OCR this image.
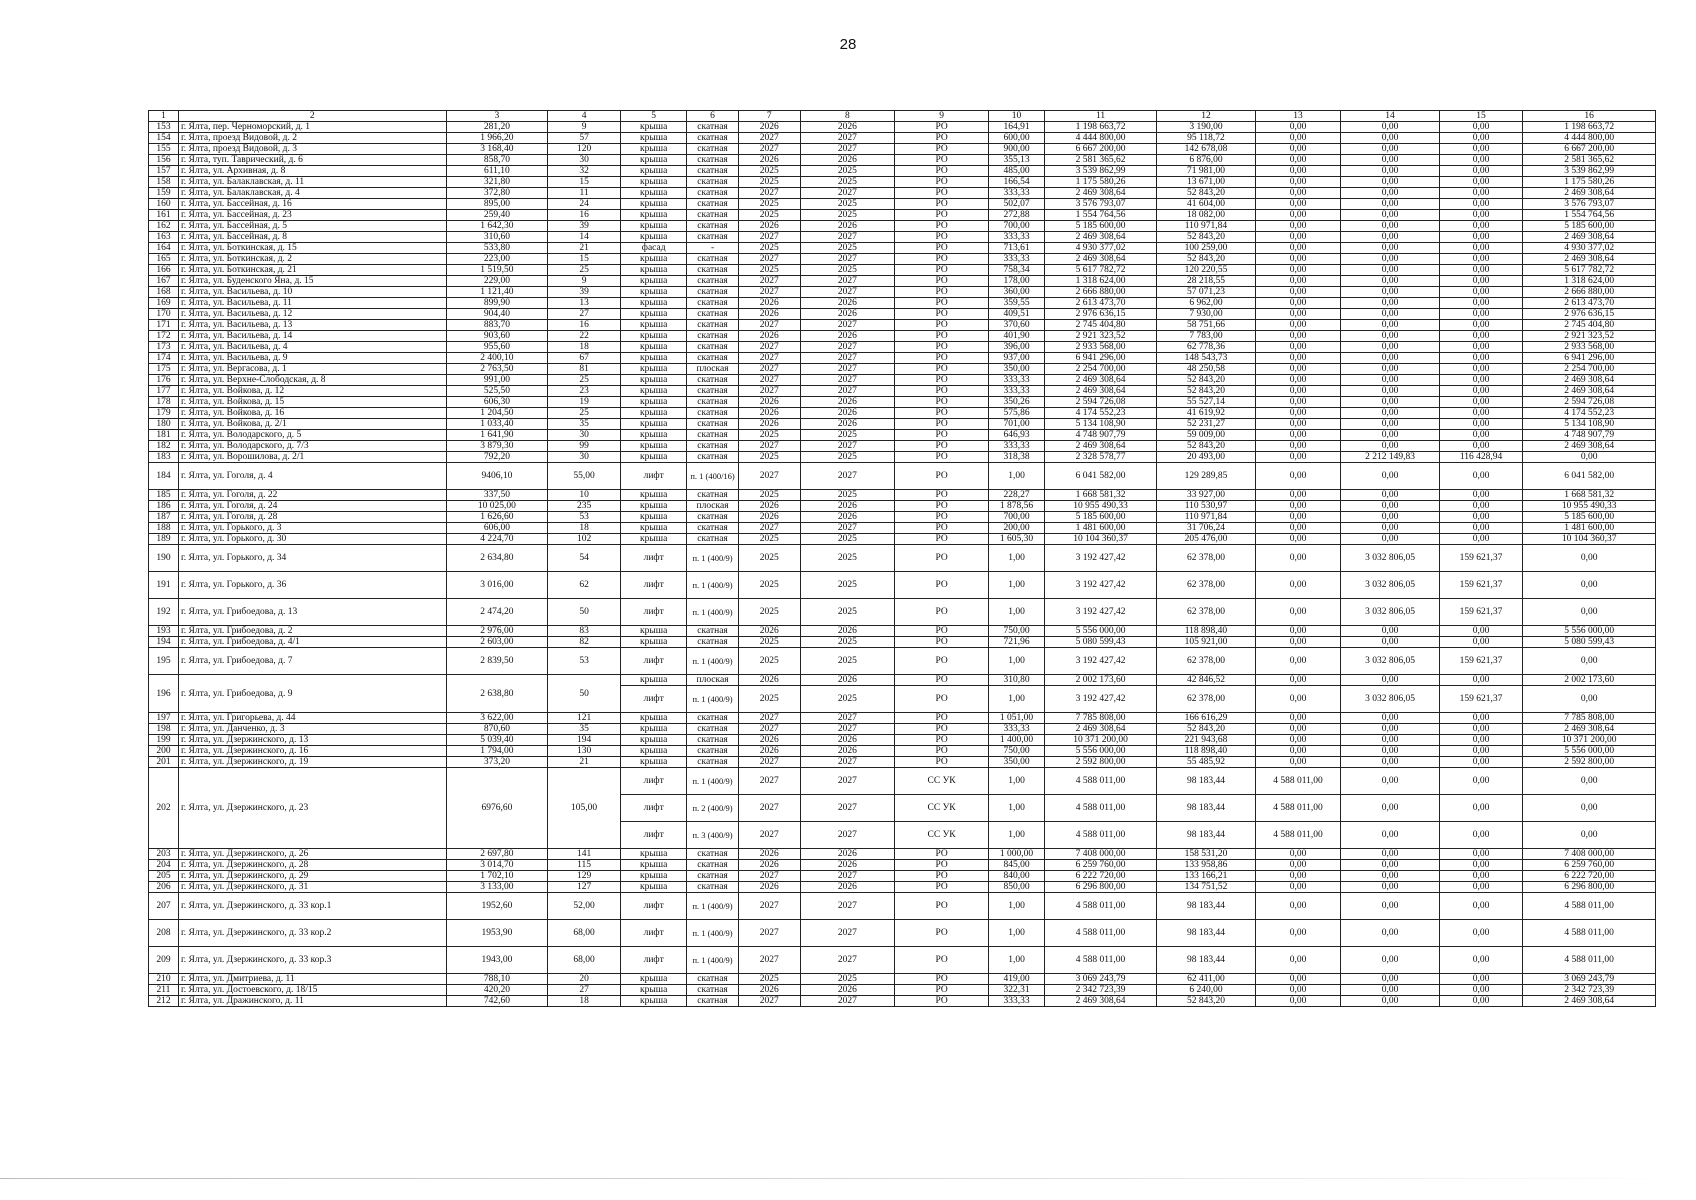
28
1	2	3	4	5	6	7	8	9	10	11	12	13	14	15	16
153	г. Ялта, пер. Черноморский, д. 1	281,20	9	крыша	скатная	2026	2026	РО	164,91	1 198 663,72	3 190,00	0,00	0,00	0,00	1 198 663,72
154	г. Ялта, проезд Видовой, д. 2	1 966,20	57	крыша	скатная	2027	2027	РО	600,00	4 444 800,00	95 118,72	0,00	0,00	0,00	4 444 800,00
155	г. Ялта, проезд Видовой, д. 3	3 168,40	120	крыша	скатная	2027	2027	РО	900,00	6 667 200,00	142 678,08	0,00	0,00	0,00	6 667 200,00
156	г. Ялта, туп. Таврический, д. 6	858,70	30	крыша	скатная	2026	2026	РО	355,13	2 581 365,62	6 876,00	0,00	0,00	0,00	2 581 365,62
157	г. Ялта, ул. Архивная, д. 8	611,10	32	крыша	скатная	2025	2025	РО	485,00	3 539 862,99	71 981,00	0,00	0,00	0,00	3 539 862,99
158	г. Ялта, ул. Балаклавская, д. 11	321,80	15	крыша	скатная	2025	2025	РО	166,54	1 175 580,26	13 671,00	0,00	0,00	0,00	1 175 580,26
159	г. Ялта, ул. Балаклавская, д. 4	372,80	11	крыша	скатная	2027	2027	РО	333,33	2 469 308,64	52 843,20	0,00	0,00	0,00	2 469 308,64
160	г. Ялта, ул. Бассейная, д. 16	895,00	24	крыша	скатная	2025	2025	РО	502,07	3 576 793,07	41 604,00	0,00	0,00	0,00	3 576 793,07
161	г. Ялта, ул. Бассейная, д. 23	259,40	16	крыша	скатная	2025	2025	РО	272,88	1 554 764,56	18 082,00	0,00	0,00	0,00	1 554 764,56
162	г. Ялта, ул. Бассейная, д. 5	1 642,30	39	крыша	скатная	2026	2026	РО	700,00	5 185 600,00	110 971,84	0,00	0,00	0,00	5 185 600,00
163	г. Ялта, ул. Бассейная, д. 8	310,60	14	крыша	скатная	2027	2027	РО	333,33	2 469 308,64	52 843,20	0,00	0,00	0,00	2 469 308,64
164	г. Ялта, ул. Боткинская, д. 15	533,80	21	фасад	-	2025	2025	РО	713,61	4 930 377,02	100 259,00	0,00	0,00	0,00	4 930 377,02
165	г. Ялта, ул. Боткинская, д. 2	223,00	15	крыша	скатная	2027	2027	РО	333,33	2 469 308,64	52 843,20	0,00	0,00	0,00	2 469 308,64
166	г. Ялта, ул. Боткинская, д. 21	1 519,50	25	крыша	скатная	2025	2025	РО	758,34	5 617 782,72	120 220,55	0,00	0,00	0,00	5 617 782,72
167	г. Ялта, ул. Буденского Яна, д. 15	229,00	9	крыша	скатная	2027	2027	РО	178,00	1 318 624,00	28 218,55	0,00	0,00	0,00	1 318 624,00
168	г. Ялта, ул. Васильева, д. 10	1 121,40	39	крыша	скатная	2027	2027	РО	360,00	2 666 880,00	57 071,23	0,00	0,00	0,00	2 666 880,00
169	г. Ялта, ул. Васильева, д. 11	899,90	13	крыша	скатная	2026	2026	РО	359,55	2 613 473,70	6 962,00	0,00	0,00	0,00	2 613 473,70
170	г. Ялта, ул. Васильева, д. 12	904,40	27	крыша	скатная	2026	2026	РО	409,51	2 976 636,15	7 930,00	0,00	0,00	0,00	2 976 636,15
171	г. Ялта, ул. Васильева, д. 13	883,70	16	крыша	скатная	2027	2027	РО	370,60	2 745 404,80	58 751,66	0,00	0,00	0,00	2 745 404,80
172	г. Ялта, ул. Васильева, д. 14	903,60	22	крыша	скатная	2026	2026	РО	401,90	2 921 323,52	7 783,00	0,00	0,00	0,00	2 921 323,52
173	г. Ялта, ул. Васильева, д. 4	955,60	18	крыша	скатная	2027	2027	РО	396,00	2 933 568,00	62 778,36	0,00	0,00	0,00	2 933 568,00
174	г. Ялта, ул. Васильева, д. 9	2 400,10	67	крыша	скатная	2027	2027	РО	937,00	6 941 296,00	148 543,73	0,00	0,00	0,00	6 941 296,00
175	г. Ялта, ул. Вергасова, д. 1	2 763,50	81	крыша	плоская	2027	2027	РО	350,00	2 254 700,00	48 250,58	0,00	0,00	0,00	2 254 700,00
176	г. Ялта, ул. Верхне-Слободская, д. 8	991,00	25	крыша	скатная	2027	2027	РО	333,33	2 469 308,64	52 843,20	0,00	0,00	0,00	2 469 308,64
177	г. Ялта, ул. Войкова, д. 12	525,50	23	крыша	скатная	2027	2027	РО	333,33	2 469 308,64	52 843,20	0,00	0,00	0,00	2 469 308,64
178	г. Ялта, ул. Войкова, д. 15	606,30	19	крыша	скатная	2026	2026	РО	350,26	2 594 726,08	55 527,14	0,00	0,00	0,00	2 594 726,08
179	г. Ялта, ул. Войкова, д. 16	1 204,50	25	крыша	скатная	2026	2026	РО	575,86	4 174 552,23	41 619,92	0,00	0,00	0,00	4 174 552,23
180	г. Ялта, ул. Войкова, д. 2/1	1 033,40	35	крыша	скатная	2026	2026	РО	701,00	5 134 108,90	52 231,27	0,00	0,00	0,00	5 134 108,90
181	г. Ялта, ул. Володарского, д. 5	1 641,90	30	крыша	скатная	2025	2025	РО	646,93	4 748 907,79	59 009,00	0,00	0,00	0,00	4 748 907,79
182	г. Ялта, ул. Володарского, д. 7/3	3 879,30	99	крыша	скатная	2027	2027	РО	333,33	2 469 308,64	52 843,20	0,00	0,00	0,00	2 469 308,64
183	г. Ялта, ул. Ворошилова, д. 2/1	792,20	30	крыша	скатная	2025	2025	РО	318,38	2 328 578,77	20 493,00	0,00	2 212 149,83	116 428,94	0,00
184	г. Ялта, ул. Гоголя, д. 4	9406,10	55,00	лифт	п. 1 (400/16)	2027	2027	РО	1,00	6 041 582,00	129 289,85	0,00	0,00	0,00	6 041 582,00
185	г. Ялта, ул. Гоголя, д. 22	337,50	10	крыша	скатная	2025	2025	РО	228,27	1 668 581,32	33 927,00	0,00	0,00	0,00	1 668 581,32
186	г. Ялта, ул. Гоголя, д. 24	10 025,00	235	крыша	плоская	2026	2026	РО	1 878,56	10 955 490,33	110 530,97	0,00	0,00	0,00	10 955 490,33
187	г. Ялта, ул. Гоголя, д. 28	1 626,60	53	крыша	скатная	2026	2026	РО	700,00	5 185 600,00	110 971,84	0,00	0,00	0,00	5 185 600,00
188	г. Ялта, ул. Горького, д. 3	606,00	18	крыша	скатная	2027	2027	РО	200,00	1 481 600,00	31 706,24	0,00	0,00	0,00	1 481 600,00
189	г. Ялта, ул. Горького, д. 30	4 224,70	102	крыша	скатная	2025	2025	РО	1 605,30	10 104 360,37	205 476,00	0,00	0,00	0,00	10 104 360,37
190	г. Ялта, ул. Горького, д. 34	2 634,80	54	лифт	п. 1 (400/9)	2025	2025	РО	1,00	3 192 427,42	62 378,00	0,00	3 032 806,05	159 621,37	0,00
191	г. Ялта, ул. Горького, д. 36	3 016,00	62	лифт	п. 1 (400/9)	2025	2025	РО	1,00	3 192 427,42	62 378,00	0,00	3 032 806,05	159 621,37	0,00
192	г. Ялта, ул. Грибоедова, д. 13	2 474,20	50	лифт	п. 1 (400/9)	2025	2025	РО	1,00	3 192 427,42	62 378,00	0,00	3 032 806,05	159 621,37	0,00
193	г. Ялта, ул. Грибоедова, д. 2	2 976,00	83	крыша	скатная	2026	2026	РО	750,00	5 556 000,00	118 898,40	0,00	0,00	0,00	5 556 000,00
194	г. Ялта, ул. Грибоедова, д. 4/1	2 603,00	82	крыша	скатная	2025	2025	РО	721,96	5 080 599,43	105 921,00	0,00	0,00	0,00	5 080 599,43
195	г. Ялта, ул. Грибоедова, д. 7	2 839,50	53	лифт	п. 1 (400/9)	2025	2025	РО	1,00	3 192 427,42	62 378,00	0,00	3 032 806,05	159 621,37	0,00
196	г. Ялта, ул. Грибоедова, д. 9	2 638,80	50	крыша	плоская	2026	2026	РО	310,80	2 002 173,60	42 846,52	0,00	0,00	0,00	2 002 173,60
				лифт	п. 1 (400/9)	2025	2025	РО	1,00	3 192 427,42	62 378,00	0,00	3 032 806,05	159 621,37	0,00
197	г. Ялта, ул. Григорьева, д. 44	3 622,00	121	крыша	скатная	2027	2027	РО	1 051,00	7 785 808,00	166 616,29	0,00	0,00	0,00	7 785 808,00
198	г. Ялта, ул. Данченко, д. 3	870,60	35	крыша	скатная	2027	2027	РО	333,33	2 469 308,64	52 843,20	0,00	0,00	0,00	2 469 308,64
199	г. Ялта, ул. Дзержинского, д. 13	5 039,40	194	крыша	скатная	2026	2026	РО	1 400,00	10 371 200,00	221 943,68	0,00	0,00	0,00	10 371 200,00
200	г. Ялта, ул. Дзержинского, д. 16	1 794,00	130	крыша	скатная	2026	2026	РО	750,00	5 556 000,00	118 898,40	0,00	0,00	0,00	5 556 000,00
201	г. Ялта, ул. Дзержинского, д. 19	373,20	21	крыша	скатная	2027	2027	РО	350,00	2 592 800,00	55 485,92	0,00	0,00	0,00	2 592 800,00
202	г. Ялта, ул. Дзержинского, д. 23	6976,60	105,00	лифт	п. 1 (400/9)	2027	2027	СС УК	1,00	4 588 011,00	98 183,44	4 588 011,00	0,00	0,00	0,00
				лифт	п. 2 (400/9)	2027	2027	СС УК	1,00	4 588 011,00	98 183,44	4 588 011,00	0,00	0,00	0,00
				лифт	п. 3 (400/9)	2027	2027	СС УК	1,00	4 588 011,00	98 183,44	4 588 011,00	0,00	0,00	0,00
203	г. Ялта, ул. Дзержинского, д. 26	2 697,80	141	крыша	скатная	2026	2026	РО	1 000,00	7 408 000,00	158 531,20	0,00	0,00	0,00	7 408 000,00
204	г. Ялта, ул. Дзержинского, д. 28	3 014,70	115	крыша	скатная	2026	2026	РО	845,00	6 259 760,00	133 958,86	0,00	0,00	0,00	6 259 760,00
205	г. Ялта, ул. Дзержинского, д. 29	1 702,10	129	крыша	скатная	2027	2027	РО	840,00	6 222 720,00	133 166,21	0,00	0,00	0,00	6 222 720,00
206	г. Ялта, ул. Дзержинского, д. 31	3 133,00	127	крыша	скатная	2026	2026	РО	850,00	6 296 800,00	134 751,52	0,00	0,00	0,00	6 296 800,00
207	г. Ялта, ул. Дзержинского, д. 33 кор.1	1952,60	52,00	лифт	п. 1 (400/9)	2027	2027	РО	1,00	4 588 011,00	98 183,44	0,00	0,00	0,00	4 588 011,00
208	г. Ялта, ул. Дзержинского, д. 33 кор.2	1953,90	68,00	лифт	п. 1 (400/9)	2027	2027	РО	1,00	4 588 011,00	98 183,44	0,00	0,00	0,00	4 588 011,00
209	г. Ялта, ул. Дзержинского, д. 33 кор.3	1943,00	68,00	лифт	п. 1 (400/9)	2027	2027	РО	1,00	4 588 011,00	98 183,44	0,00	0,00	0,00	4 588 011,00
210	г. Ялта, ул. Дмитриева, д. 11	788,10	20	крыша	скатная	2025	2025	РО	419,00	3 069 243,79	62 411,00	0,00	0,00	0,00	3 069 243,79
211	г. Ялта, ул. Достоевского, д. 18/15	420,20	27	крыша	скатная	2026	2026	РО	322,31	2 342 723,39	6 240,00	0,00	0,00	0,00	2 342 723,39
212	г. Ялта, ул. Дражинского, д. 11	742,60	18	крыша	скатная	2027	2027	РО	333,33	2 469 308,64	52 843,20	0,00	0,00	0,00	2 469 308,64
